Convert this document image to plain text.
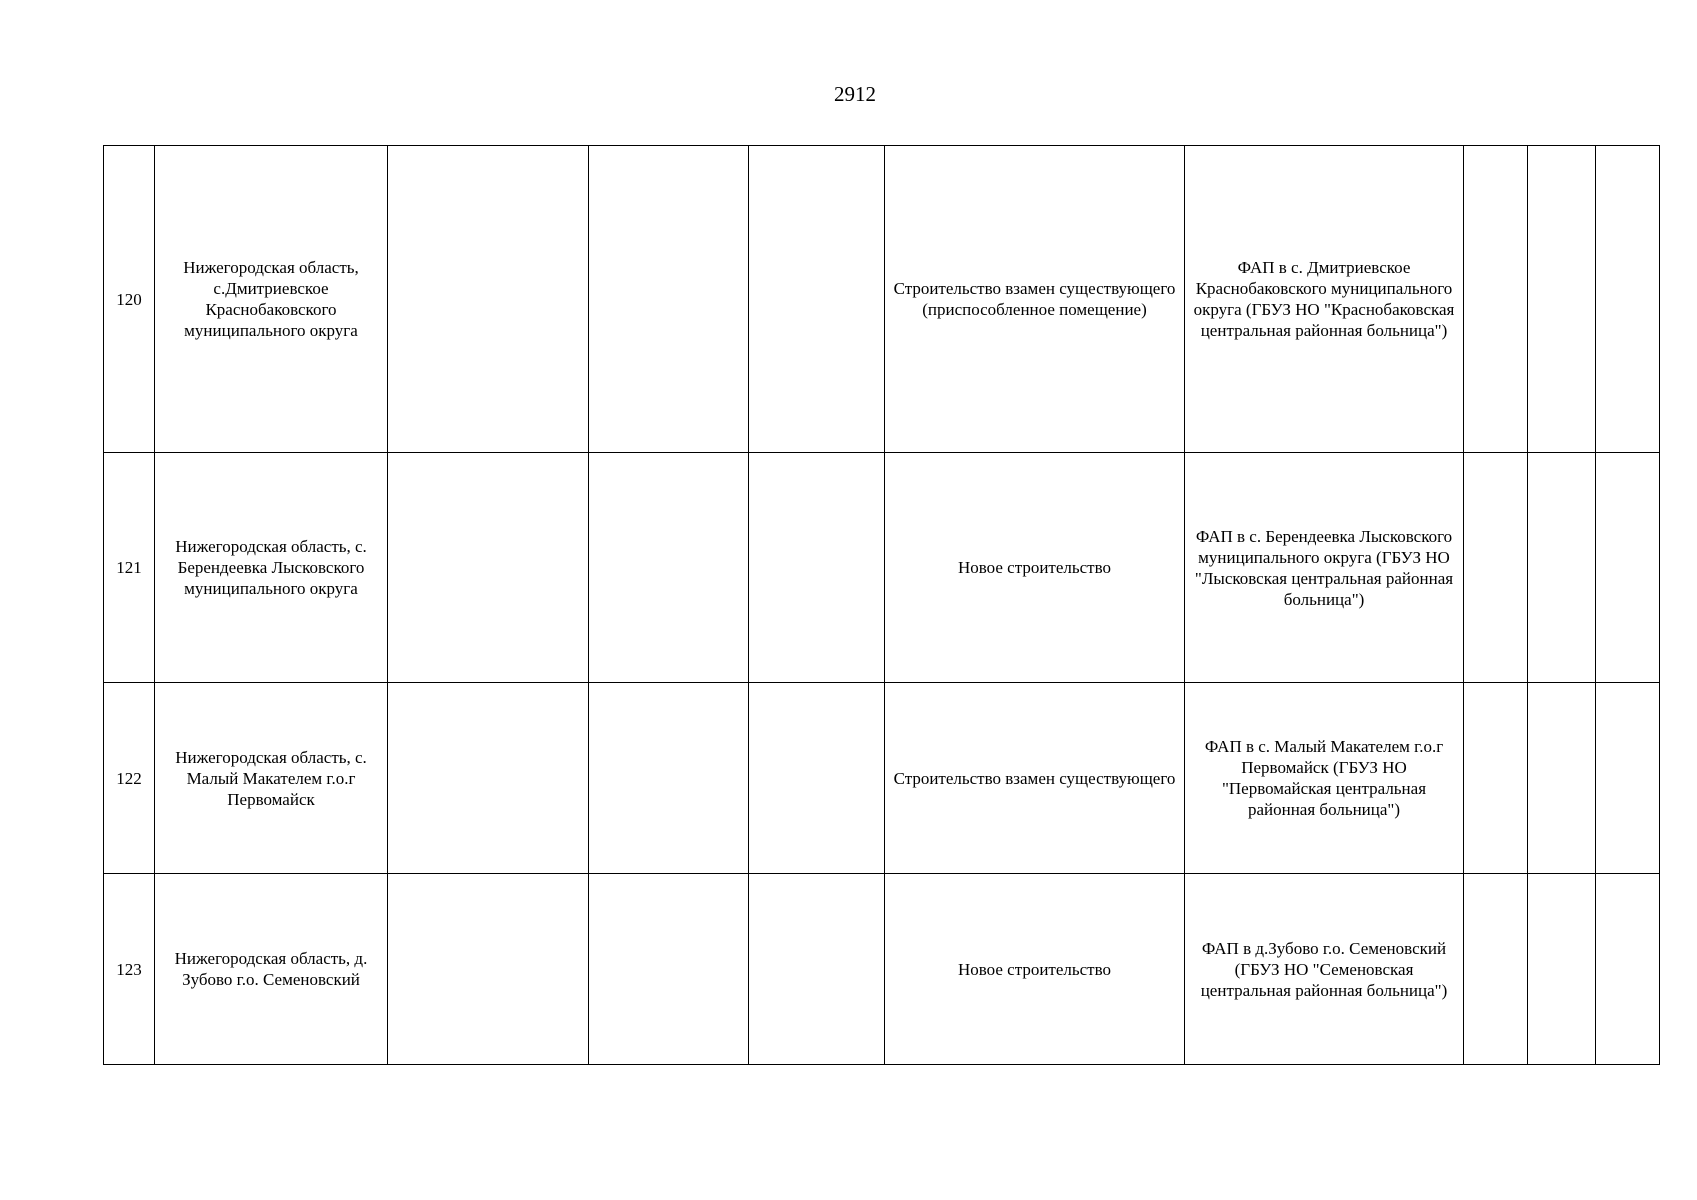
2912
120	Нижегородская область, с.Дмитриевское Краснобаковского муниципального округа				Строительство взамен существующего (приспособленное помещение)	ФАП в с. Дмитриевское Краснобаковского муниципального округа (ГБУЗ НО "Краснобаковская центральная районная больница")			
121	Нижегородская область, с. Берендеевка Лысковского муниципального округа				Новое строительство	ФАП в с. Берендеевка Лысковского муниципального округа (ГБУЗ НО "Лысковская центральная районная больница")			
122	Нижегородская область, с. Малый Макателем г.о.г Первомайск				Строительство взамен существующего	ФАП в с. Малый Макателем г.о.г Первомайск (ГБУЗ НО "Первомайская центральная районная больница")			
123	Нижегородская область, д. Зубово г.о. Семеновский				Новое строительство	ФАП в д.Зубово г.о. Семеновский (ГБУЗ НО "Семеновская центральная районная больница")			
